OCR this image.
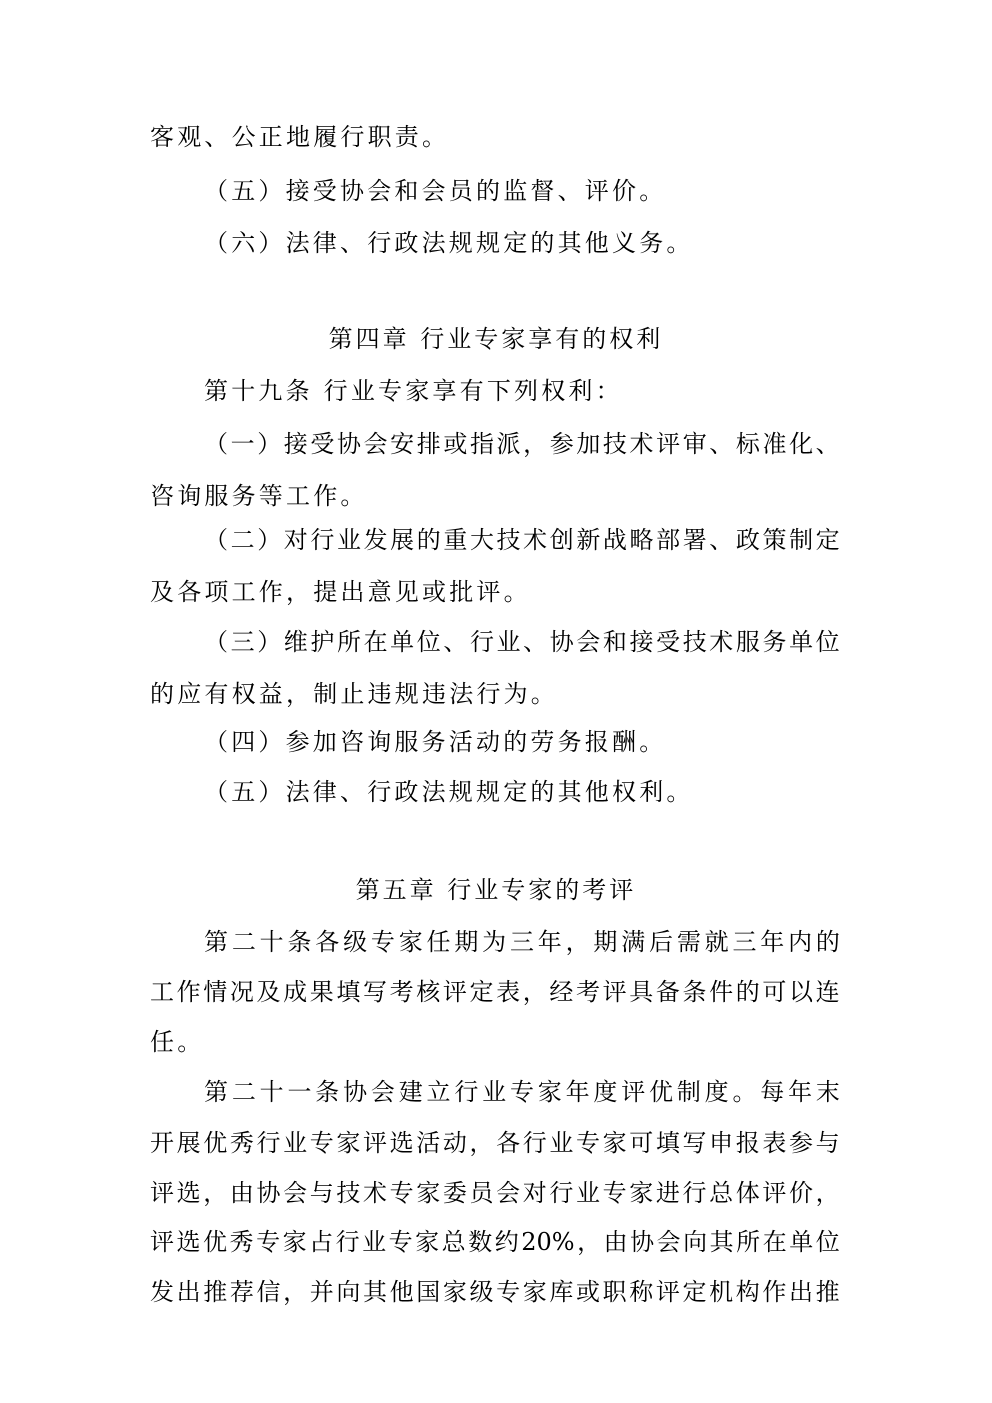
客观、公正地履行职责。
（五）接受协会和会员的监督、评价。
（六）法律、行政法规规定的其他义务。
第四章 行业专家享有的权利
第十九条 行业专家享有下列权利：
（ 一 ） 接 受 协 会 安 排 或 指 派 ， 参 加 技 术 评 审 、 标 准 化 、
咨询服务等工作。
（ 二 ） 对 行 业 发 展 的 重 大 技 术 创 新 战 略 部 署 、 政 策 制 定
及各项工作，提出意见或批评。
（ 三 ） 维 护 所 在 单 位 、 行 业 、 协 会 和 接 受 技 术 服 务 单 位
的应有权益，制止违规违法行为。
（四）参加咨询服务活动的劳务报酬。
（五）法律、行政法规规定的其他权利。
第五章 行业专家的考评
第 二 十 条 各 级 专 家 任 期 为 三 年 ， 期 满 后 需 就 三 年 内 的
工 作 情 况 及 成 果 填 写 考 核 评 定 表 ， 经 考 评 具 备 条 件 的 可 以 连
任。
第 二 十 一 条 协 会 建 立 行 业 专 家 年 度 评 优 制 度 。 每 年 末
开 展 优 秀 行 业 专 家 评 选 活 动 ， 各 行 业 专 家 可 填 写 申 报 表 参 与
评 选 ， 由 协 会 与 技 术 专 家 委 员 会 对 行 业 专 家 进 行 总 体 评 价 ，
评 选 优 秀 专 家 占 行 业 专 家 总 数 约 20% ， 由 协 会 向 其 所 在 单 位
发 出 推 荐 信 ， 并 向 其 他 国 家 级 专 家 库 或 职 称 评 定 机 构 作 出 推
